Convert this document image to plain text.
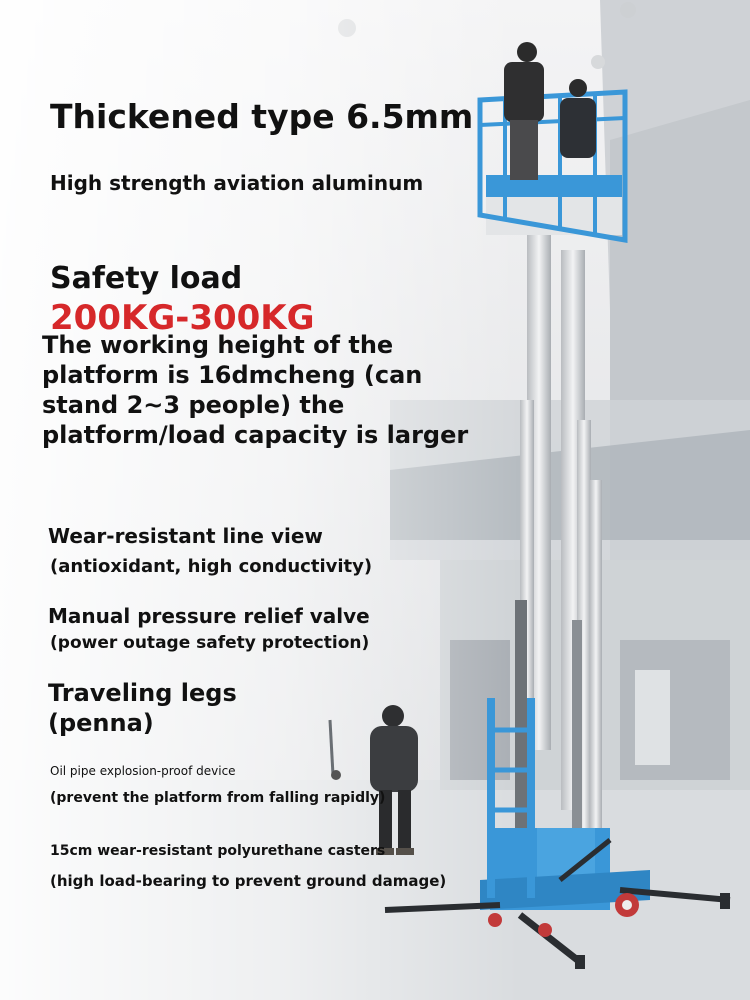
Thickened type 6.5mm
High strength aviation aluminum
Safety load
200KG-300KG
The working height of the platform is 16dmcheng (can stand 2~3 people) the platform/load capacity is larger
Wear-resistant line view
(antioxidant, high conductivity)
Manual pressure relief valve
(power outage safety protection)
Traveling legs (penna)
Oil pipe explosion-proof device
(prevent the platform from falling rapidly)
15cm wear-resistant polyurethane casters
(high load-bearing to prevent ground damage)
